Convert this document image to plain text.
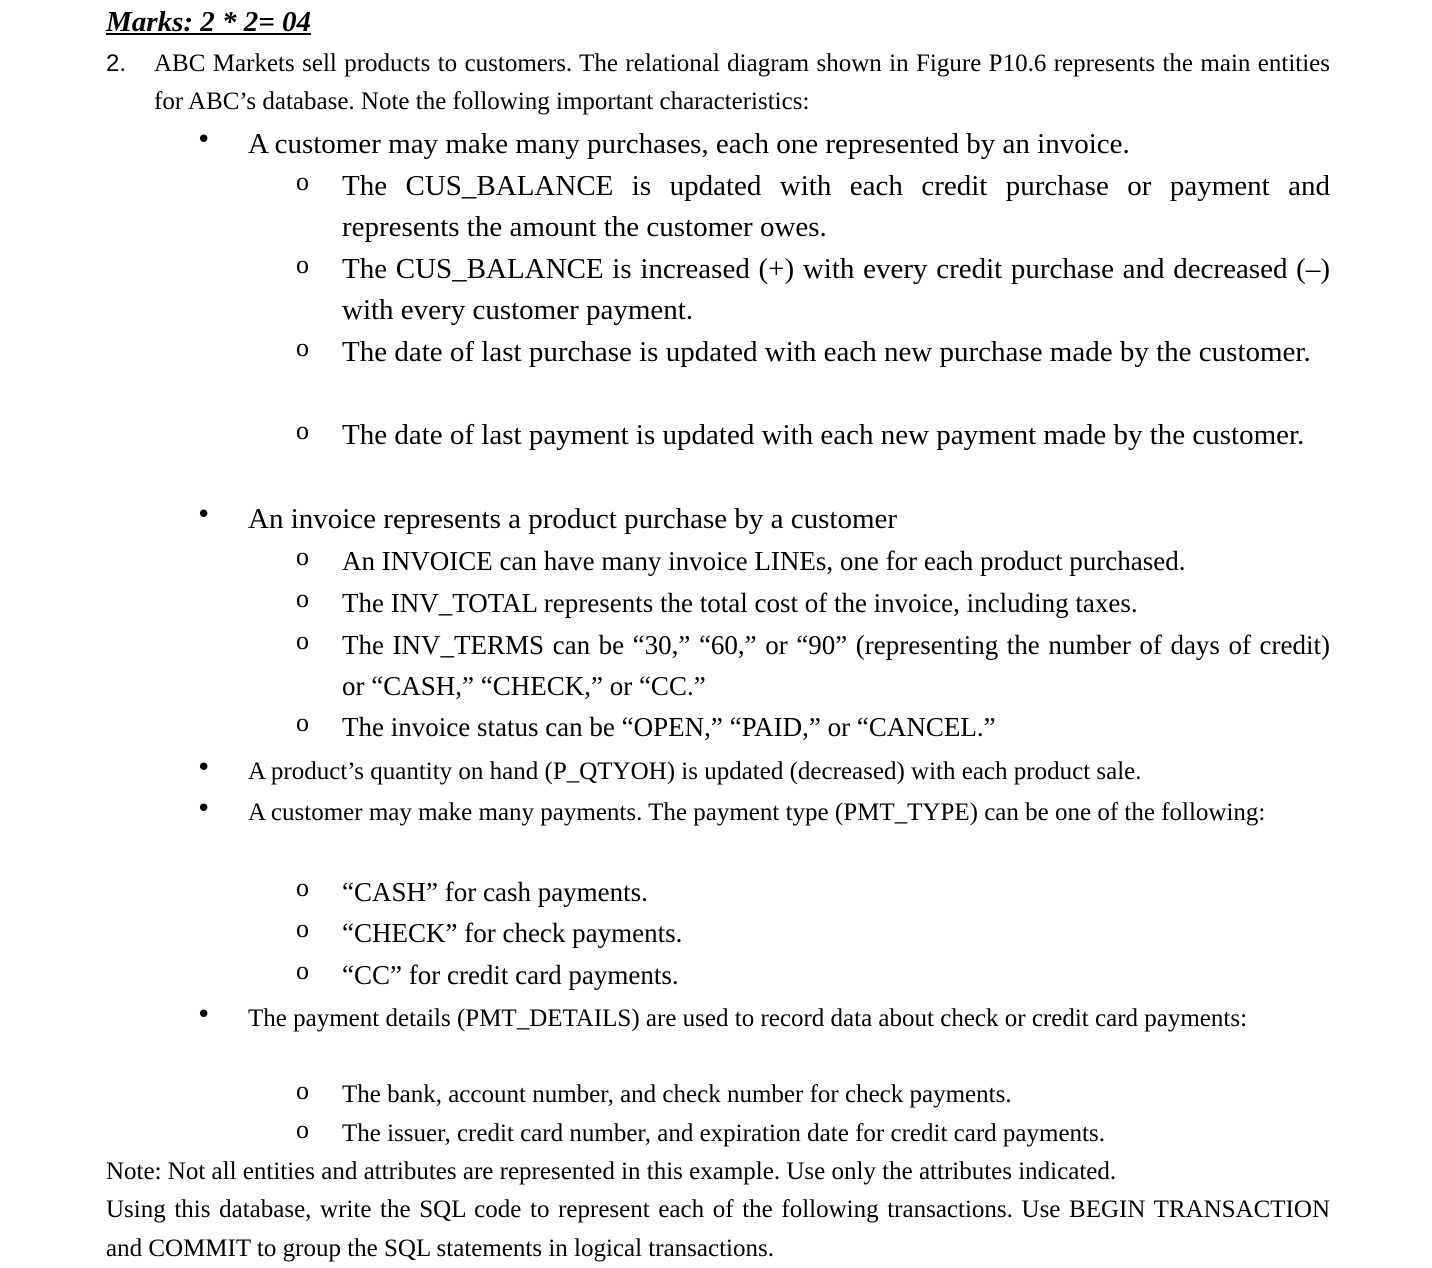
Marks: 2 * 2= 04
2. ABC Markets sell products to customers. The relational diagram shown in Figure P10.6 represents the main entities for ABC’s database. Note the following important characteristics:
• A customer may make many purchases, each one represented by an invoice.
o The CUS_BALANCE is updated with each credit purchase or payment and represents the amount the customer owes.
o The CUS_BALANCE is increased (+) with every credit purchase and decreased (–) with every customer payment.
o The date of last purchase is updated with each new purchase made by the customer.
o The date of last payment is updated with each new payment made by the customer.
• An invoice represents a product purchase by a customer
o An INVOICE can have many invoice LINEs, one for each product purchased.
o The INV_TOTAL represents the total cost of the invoice, including taxes.
o The INV_TERMS can be “30,” “60,” or “90” (representing the number of days of credit) or “CASH,” “CHECK,” or “CC.”
o The invoice status can be “OPEN,” “PAID,” or “CANCEL.”
• A product’s quantity on hand (P_QTYOH) is updated (decreased) with each product sale.
• A customer may make many payments. The payment type (PMT_TYPE) can be one of the following:
o “CASH” for cash payments.
o “CHECK” for check payments.
o “CC” for credit card payments.
• The payment details (PMT_DETAILS) are used to record data about check or credit card payments:
o The bank, account number, and check number for check payments.
o The issuer, credit card number, and expiration date for credit card payments.
Note: Not all entities and attributes are represented in this example. Use only the attributes indicated.
Using this database, write the SQL code to represent each of the following transactions. Use BEGIN TRANSACTION and COMMIT to group the SQL statements in logical transactions.
